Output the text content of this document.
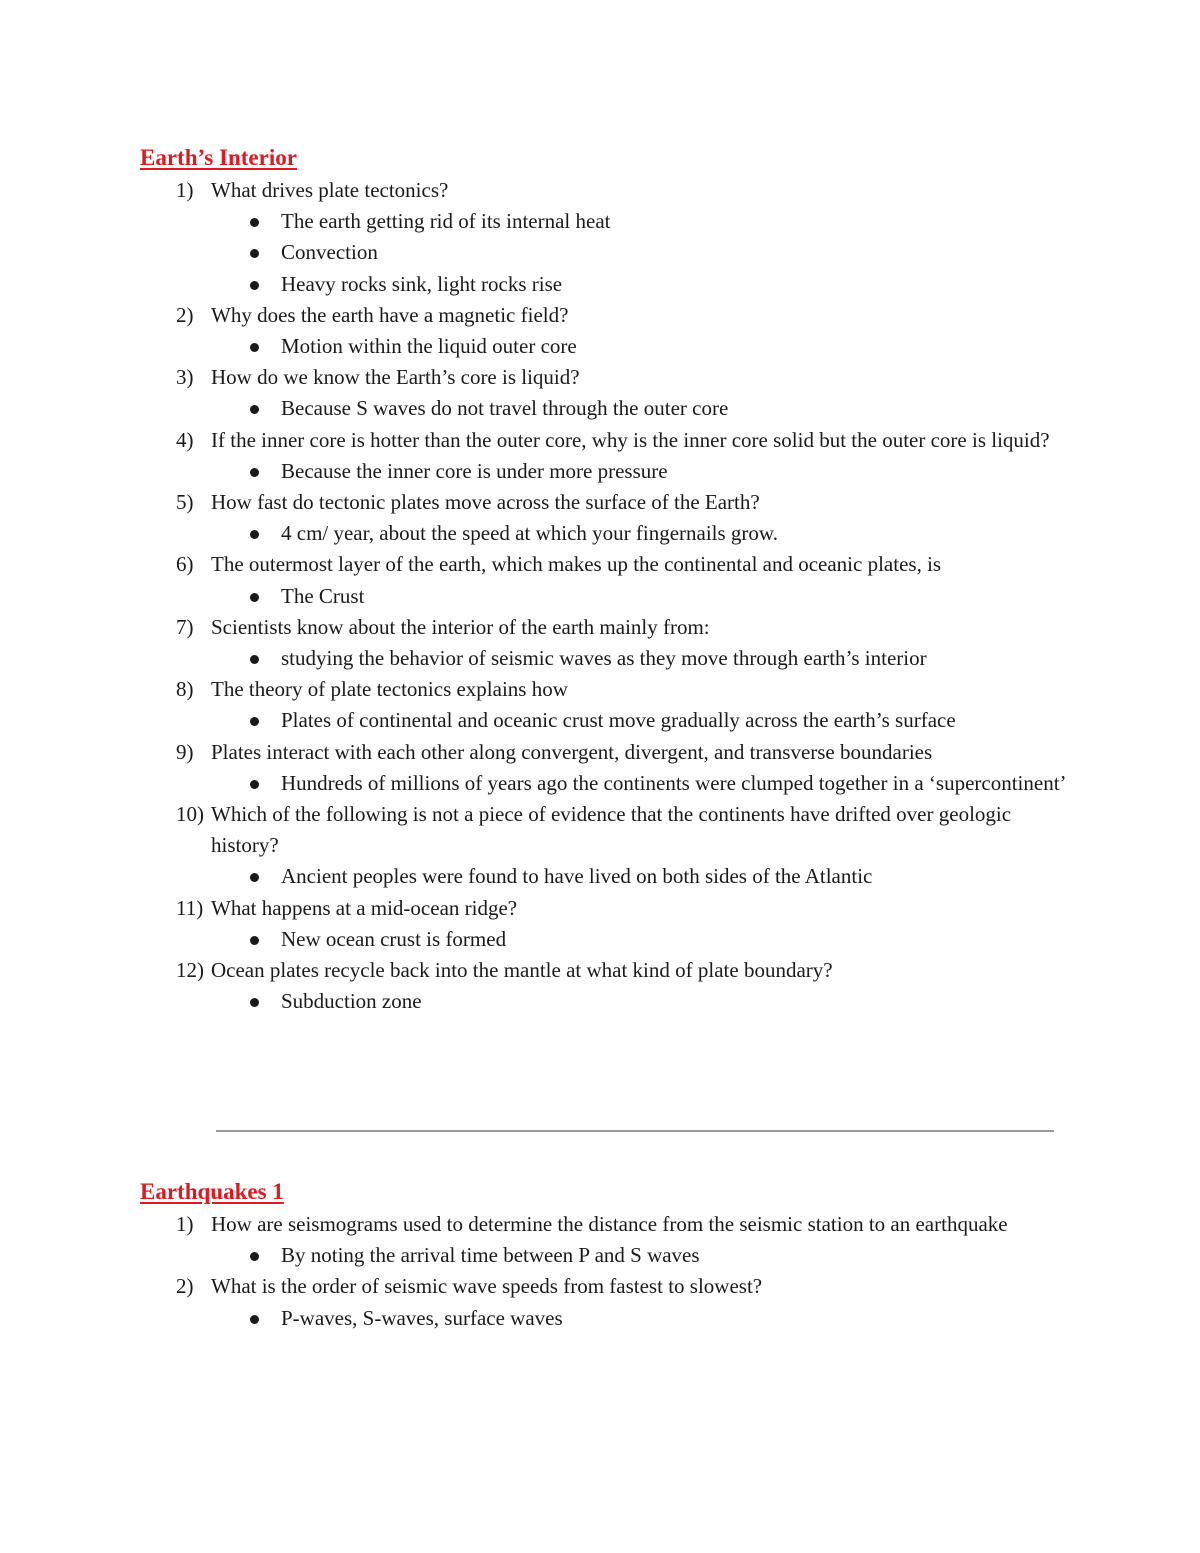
Earth’s Interior

1) What drives plate tectonics?
The earth getting rid of its internal heat
Convection
Heavy rocks sink, light rocks rise
2) Why does the earth have a magnetic field?
Motion within the liquid outer core
3) How do we know the Earth’s core is liquid?
Because S waves do not travel through the outer core
4) If the inner core is hotter than the outer core, why is the inner core solid but the outer core is liquid?
Because the inner core is under more pressure
5) How fast do tectonic plates move across the surface of the Earth?
4 cm/ year, about the speed at which your fingernails grow.
6) The outermost layer of the earth, which makes up the continental and oceanic plates, is
The Crust
7) Scientists know about the interior of the earth mainly from:
studying the behavior of seismic waves as they move through earth’s interior
8) The theory of plate tectonics explains how
Plates of continental and oceanic crust move gradually across the earth’s surface
9) Plates interact with each other along convergent, divergent, and transverse boundaries
Hundreds of millions of years ago the continents were clumped together in a ‘supercontinent’
10) Which of the following is not a piece of evidence that the continents have drifted over geologic history?
Ancient peoples were found to have lived on both sides of the Atlantic
11) What happens at a mid-ocean ridge?
New ocean crust is formed
12) Ocean plates recycle back into the mantle at what kind of plate boundary?
Subduction zone

Earthquakes 1

1) How are seismograms used to determine the distance from the seismic station to an earthquake
By noting the arrival time between P and S waves
2) What is the order of seismic wave speeds from fastest to slowest?
P-waves, S-waves, surface waves
